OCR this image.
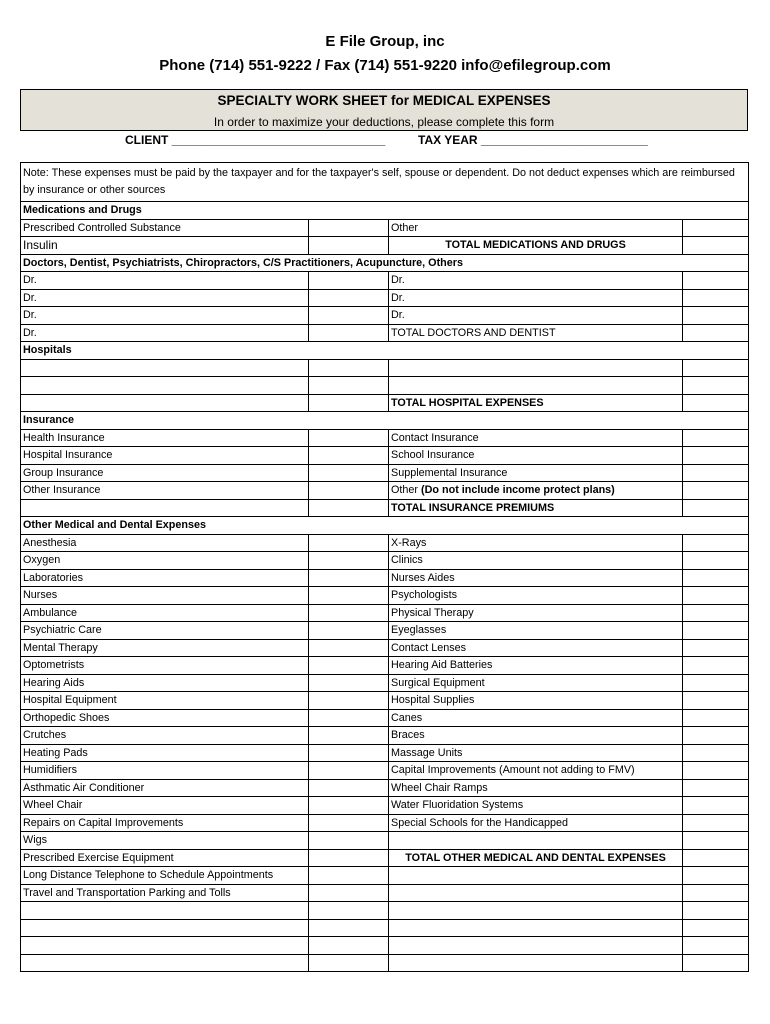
E File Group, inc
Phone (714) 551-9222 / Fax (714) 551-9220 info@efilegroup.com
SPECIALTY WORK SHEET for MEDICAL EXPENSES
In order to maximize your deductions, please complete this form
CLIENT ________________________________	TAX YEAR _________________________
Note: These expenses must be paid by the taxpayer and for the taxpayer's self, spouse or dependent. Do not deduct expenses which are reimbursed by insurance or other sources			
Medications and Drugs			
Prescribed Controlled Substance		Other	
Insulin		TOTAL MEDICATIONS AND DRUGS	
Doctors, Dentist, Psychiatrists, Chiropractors, C/S Practitioners, Acupuncture, Others			
Dr.		Dr.	
Dr.		Dr.	
Dr.		Dr.	
Dr.		TOTAL DOCTORS AND DENTIST	
Hospitals			

		TOTAL HOSPITAL EXPENSES	
Insurance			
Health Insurance		Contact Insurance	
Hospital Insurance		School Insurance	
Group Insurance		Supplemental Insurance	
Other Insurance		Other (Do not include income protect plans)	
		TOTAL INSURANCE PREMIUMS	
Other Medical and Dental Expenses			
Anesthesia		X-Rays	
Oxygen		Clinics	
Laboratories		Nurses Aides	
Nurses		Psychologists	
Ambulance		Physical Therapy	
Psychiatric Care		Eyeglasses	
Mental Therapy		Contact Lenses	
Optometrists		Hearing Aid Batteries	
Hearing Aids		Surgical Equipment	
Hospital Equipment		Hospital Supplies	
Orthopedic Shoes		Canes	
Crutches		Braces	
Heating Pads		Massage Units	
Humidifiers		Capital Improvements (Amount not adding to FMV)	
Asthmatic Air Conditioner		Wheel Chair Ramps	
Wheel Chair		Water Fluoridation Systems	
Repairs on Capital Improvements		Special Schools for the Handicapped	
Wigs			
Prescribed Exercise Equipment		TOTAL OTHER MEDICAL AND DENTAL EXPENSES	
Long Distance Telephone to Schedule Appointments			
Travel and Transportation Parking and Tolls			
